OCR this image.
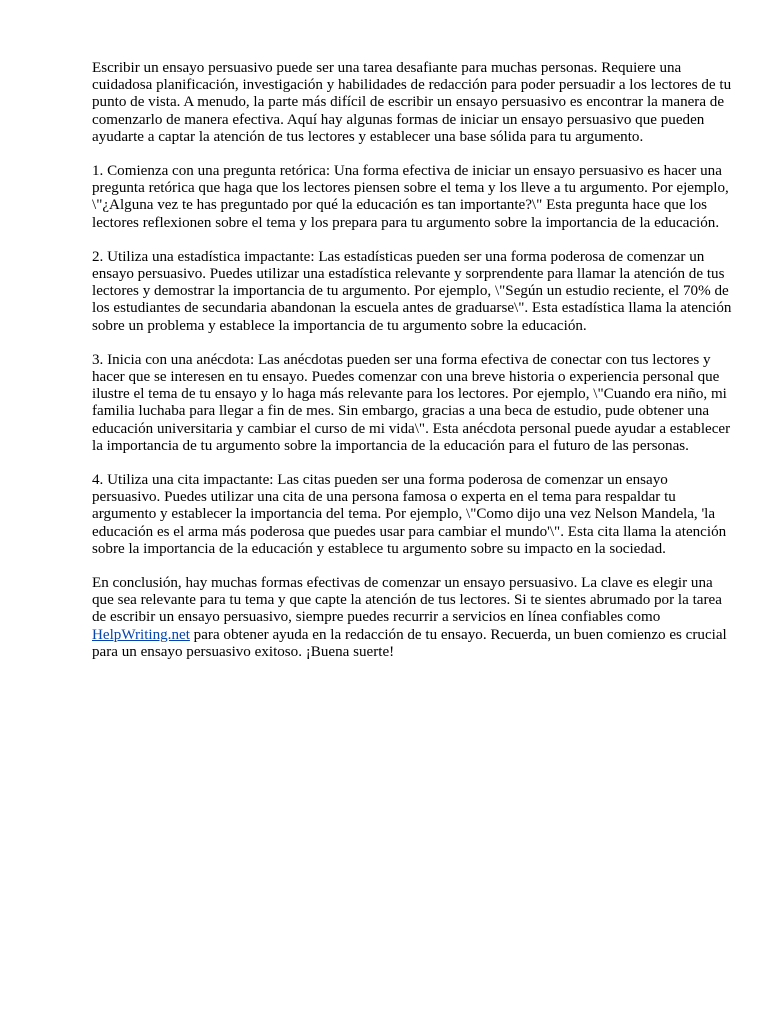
Escribir un ensayo persuasivo puede ser una tarea desafiante para muchas personas. Requiere una cuidadosa planificación, investigación y habilidades de redacción para poder persuadir a los lectores de tu punto de vista. A menudo, la parte más difícil de escribir un ensayo persuasivo es encontrar la manera de comenzarlo de manera efectiva. Aquí hay algunas formas de iniciar un ensayo persuasivo que pueden ayudarte a captar la atención de tus lectores y establecer una base sólida para tu argumento.

1. Comienza con una pregunta retórica: Una forma efectiva de iniciar un ensayo persuasivo es hacer una pregunta retórica que haga que los lectores piensen sobre el tema y los lleve a tu argumento. Por ejemplo, \"¿Alguna vez te has preguntado por qué la educación es tan importante?\" Esta pregunta hace que los lectores reflexionen sobre el tema y los prepara para tu argumento sobre la importancia de la educación.

2. Utiliza una estadística impactante: Las estadísticas pueden ser una forma poderosa de comenzar un ensayo persuasivo. Puedes utilizar una estadística relevante y sorprendente para llamar la atención de tus lectores y demostrar la importancia de tu argumento. Por ejemplo, \"Según un estudio reciente, el 70% de los estudiantes de secundaria abandonan la escuela antes de graduarse\". Esta estadística llama la atención sobre un problema y establece la importancia de tu argumento sobre la educación.

3. Inicia con una anécdota: Las anécdotas pueden ser una forma efectiva de conectar con tus lectores y hacer que se interesen en tu ensayo. Puedes comenzar con una breve historia o experiencia personal que ilustre el tema de tu ensayo y lo haga más relevante para los lectores. Por ejemplo, \"Cuando era niño, mi familia luchaba para llegar a fin de mes. Sin embargo, gracias a una beca de estudio, pude obtener una educación universitaria y cambiar el curso de mi vida\". Esta anécdota personal puede ayudar a establecer la importancia de tu argumento sobre la importancia de la educación para el futuro de las personas.

4. Utiliza una cita impactante: Las citas pueden ser una forma poderosa de comenzar un ensayo persuasivo. Puedes utilizar una cita de una persona famosa o experta en el tema para respaldar tu argumento y establecer la importancia del tema. Por ejemplo, \"Como dijo una vez Nelson Mandela, 'la educación es el arma más poderosa que puedes usar para cambiar el mundo'\". Esta cita llama la atención sobre la importancia de la educación y establece tu argumento sobre su impacto en la sociedad.

En conclusión, hay muchas formas efectivas de comenzar un ensayo persuasivo. La clave es elegir una que sea relevante para tu tema y que capte la atención de tus lectores. Si te sientes abrumado por la tarea de escribir un ensayo persuasivo, siempre puedes recurrir a servicios en línea confiables como HelpWriting.net para obtener ayuda en la redacción de tu ensayo. Recuerda, un buen comienzo es crucial para un ensayo persuasivo exitoso. ¡Buena suerte!
